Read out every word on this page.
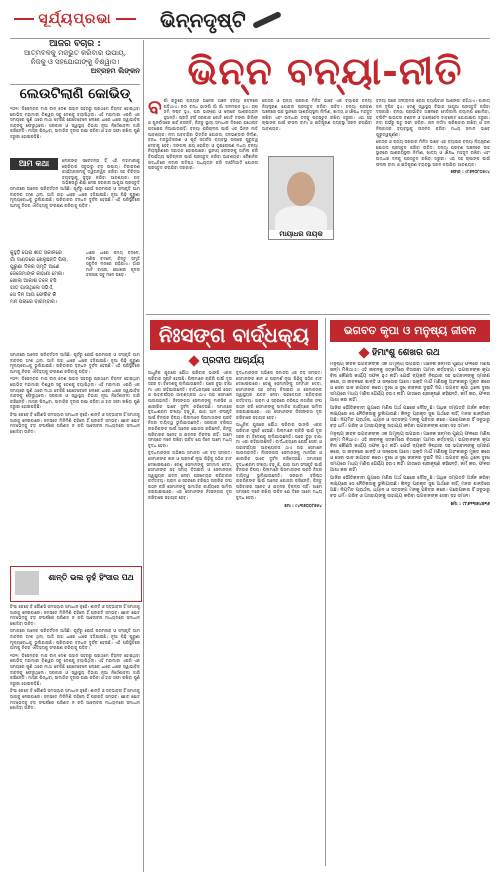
ସୂର୍ଯ୍ୟପ୍ରଭା	ଭିନ୍ନଦୃଷ୍ଟି
ଆଜିର ବିଚାର :
ଆତ୍ମବଳକୁ ମଜଭୁତ କରିବାର ଉପାୟ,
ନିଜକୁ ଓ ସହଯୋଗୀଙ୍କୁ ବିଶ୍ୱାସ।
ଅବ୍ରହମ ଲିଙ୍କନ
ଲେଉଟିଲାଣି କୋଭିଡ୍

୨୦୧୯ ଡିସେମ୍ବର ମାସ ଚୀନ୍ ଦେଶ ଉହାନ ସହରରୁ ପ୍ରଥମେ ଚିହ୍ନଟ ହୋଇଥିବା କୋଭିଡ୍ ମହାମାରୀ ବିଶ୍ୱର ସବୁ ଦେଶକୁ ବ୍ୟାପିଥିଲା। ଏହି ମହାମାରୀ ଏପରି ଏକ ସମୟରେ ପୁଣି ଥରେ ମାଥା ଟେକିଛି ଯେତେବେଳେ ଲୋକେ ଧୀରେ ଧୀରେ ସ୍ୱାଭାବିକ ଜୀବନକୁ ଫେରୁଥିଲେ। ସରକାର ଓ ସ୍ୱାସ୍ଥ୍ୟ ବିଭାଗ ନୂଆ ନିର୍ଦ୍ଦେଶାବଳୀ ଜାରି କରିଛନ୍ତି। ମାସ୍କ ପିନ୍ଧିବା, ସାମାଜିକ ଦୂରତା ରକ୍ଷା କରିବା ଓ ହାତ ସଫା ରଖିବା ପୁଣି ଜରୁରୀ ହୋଇପଡ଼ିଛି।

ଆମ କଥା	ଲୋକଙ୍କ ସଚେତନତା ହିଁ ଏହି ମହାମାରୀକୁ ରୋକିବାର ସବୁଠାରୁ ବଡ଼ ଉପାୟ। ଟିକାକରଣ କାର୍ଯ୍ୟକ୍ରମକୁ ତ୍ୱରାନ୍ୱିତ କରିବା ସହ ଚିକିତ୍ସା ବ୍ୟବସ୍ଥାକୁ ସୁଦୃଢ଼ କରିବା ଆବଶ୍ୟକ। ଗତ ଅଭିଜ୍ଞତାରୁ ଶିକ୍ଷା ନେଇ ସରକାର ଆଗୁଆ ପ୍ରସ୍ତୁତି

ସମାଜରେ ଅନେକ ପରିବର୍ତ୍ତନ ଆସିଛି। ପୂର୍ବରୁ ଯେଉଁ ପରମ୍ପରା ଓ ସଂସ୍କୃତି ଆମ ଜୀବନର ଅଂଶ ଥିଲା, ଆଜି ତାହା ଧୀରେ ଧୀରେ ହଜିଯାଉଛି। ନୂଆ ପିଢ଼ି ପୁରୁଣା ମୂଲ୍ୟବୋଧକୁ ଭୁଲିଯାଉଛି। ପରିବାରର ବନ୍ଧନ ଦୁର୍ବଳ ହେଉଛି। ଏହି ପରିସ୍ଥିତିରେ ଆମକୁ ନିଜର ଐତିହ୍ୟକୁ ସଂରକ୍ଷଣ କରିବାକୁ ପଡ଼ିବ।

କୁହୁଡ଼ି ଘେରା ଶୀତ ସକାଳରେ
ଗାଁ ଦାଣ୍ଡରେ ଖେଳୁଛନ୍ତି ପିଲା,
ପୁରୁଣା ଦିନର ସ୍ମୃତି ଆଣେ
ଜେଜେମାଙ୍କ କାହାଣୀ ମେଳା।
ଖୋଲା ଆକାଶ ତଳେ ବସି
ଗୀତ ଗାଉଥିଲେ ସଭିଏଁ,
ସେ ଦିନ ଆଉ ଫେରିବ କି
ମନ ପଚାରେ ବାରମ୍ବାର।

ଧୀରେ ଧୀରେ ସମୟ ବଦଳେ, ମଣିଷ ବଦଳେ, କିନ୍ତୁ ସ୍ମୃତି ସବୁଦିନ ମନରେ ରହିଯାଏ। ଗାଁର ମାଟି ବାସ୍ନା, ପୋଖରୀ କୂଳର ବରଗଛ ସବୁ ମନେ ପଡ଼େ।

ସମାଜରେ ଅନେକ ପରିବର୍ତ୍ତନ ଆସିଛି। ପୂର୍ବରୁ ଯେଉଁ ପରମ୍ପରା ଓ ସଂସ୍କୃତି ଆମ ଜୀବନର ଅଂଶ ଥିଲା, ଆଜି ତାହା ଧୀରେ ଧୀରେ ହଜିଯାଉଛି। ନୂଆ ପିଢ଼ି ପୁରୁଣା ମୂଲ୍ୟବୋଧକୁ ଭୁଲିଯାଉଛି। ପରିବାରର ବନ୍ଧନ ଦୁର୍ବଳ ହେଉଛି। ଏହି ପରିସ୍ଥିତିରେ ଆମକୁ ନିଜର ଐତିହ୍ୟକୁ ସଂରକ୍ଷଣ କରିବାକୁ ପଡ଼ିବ।

୨୦୧୯ ଡିସେମ୍ବର ମାସ ଚୀନ୍ ଦେଶ ଉହାନ ସହରରୁ ପ୍ରଥମେ ଚିହ୍ନଟ ହୋଇଥିବା କୋଭିଡ୍ ମହାମାରୀ ବିଶ୍ୱର ସବୁ ଦେଶକୁ ବ୍ୟାପିଥିଲା। ଏହି ମହାମାରୀ ଏପରି ଏକ ସମୟରେ ପୁଣି ଥରେ ମାଥା ଟେକିଛି ଯେତେବେଳେ ଲୋକେ ଧୀରେ ଧୀରେ ସ୍ୱାଭାବିକ ଜୀବନକୁ ଫେରୁଥିଲେ। ସରକାର ଓ ସ୍ୱାସ୍ଥ୍ୟ ବିଭାଗ ନୂଆ ନିର୍ଦ୍ଦେଶାବଳୀ ଜାରି କରିଛନ୍ତି। ମାସ୍କ ପିନ୍ଧିବା, ସାମାଜିକ ଦୂରତା ରକ୍ଷା କରିବା ଓ ହାତ ସଫା ରଖିବା ପୁଣି ଜରୁରୀ ହୋଇପଡ଼ିଛି।

ହିଂସା କେବେ ବି କୌଣସି ସମସ୍ୟାର ସମାଧାନ ନୁହେଁ। ଶାନ୍ତି ଓ ସଦ୍ଭାବନା ହିଁ ସମାଜକୁ ଆଗକୁ ନେଇପାରେ। ସମସ୍ତେ ମିଳିମିଶି ରହିଲେ ହିଁ ପ୍ରଗତି ସମ୍ଭବ। ଛୋଟ ଛୋଟ ମତଭେଦକୁ ବଡ଼ ସଂଘର୍ଷରେ ପରିଣତ ନ କରି ଆଲୋଚନା ମାଧ୍ୟମରେ ସମାଧାନ ଖୋଜିବା ଉଚିତ।

ଶାନ୍ତି ଭଲ ନୁହଁ ହିଂସାର ପଥ

ହିଂସା କେବେ ବି କୌଣସି ସମସ୍ୟାର ସମାଧାନ ନୁହେଁ। ଶାନ୍ତି ଓ ସଦ୍ଭାବନା ହିଁ ସମାଜକୁ ଆଗକୁ ନେଇପାରେ। ସମସ୍ତେ ମିଳିମିଶି ରହିଲେ ହିଁ ପ୍ରଗତି ସମ୍ଭବ। ଛୋଟ ଛୋଟ ମତଭେଦକୁ ବଡ଼ ସଂଘର୍ଷରେ ପରିଣତ ନ କରି ଆଲୋଚନା ମାଧ୍ୟମରେ ସମାଧାନ ଖୋଜିବା ଉଚିତ।

ସମାଜରେ ଅନେକ ପରିବର୍ତ୍ତନ ଆସିଛି। ପୂର୍ବରୁ ଯେଉଁ ପରମ୍ପରା ଓ ସଂସ୍କୃତି ଆମ ଜୀବନର ଅଂଶ ଥିଲା, ଆଜି ତାହା ଧୀରେ ଧୀରେ ହଜିଯାଉଛି। ନୂଆ ପିଢ଼ି ପୁରୁଣା ମୂଲ୍ୟବୋଧକୁ ଭୁଲିଯାଉଛି। ପରିବାରର ବନ୍ଧନ ଦୁର୍ବଳ ହେଉଛି। ଏହି ପରିସ୍ଥିତିରେ ଆମକୁ ନିଜର ଐତିହ୍ୟକୁ ସଂରକ୍ଷଣ କରିବାକୁ ପଡ଼ିବ।

୨୦୧୯ ଡିସେମ୍ବର ମାସ ଚୀନ୍ ଦେଶ ଉହାନ ସହରରୁ ପ୍ରଥମେ ଚିହ୍ନଟ ହୋଇଥିବା କୋଭିଡ୍ ମହାମାରୀ ବିଶ୍ୱର ସବୁ ଦେଶକୁ ବ୍ୟାପିଥିଲା। ଏହି ମହାମାରୀ ଏପରି ଏକ ସମୟରେ ପୁଣି ଥରେ ମାଥା ଟେକିଛି ଯେତେବେଳେ ଲୋକେ ଧୀରେ ଧୀରେ ସ୍ୱାଭାବିକ ଜୀବନକୁ ଫେରୁଥିଲେ। ସରକାର ଓ ସ୍ୱାସ୍ଥ୍ୟ ବିଭାଗ ନୂଆ ନିର୍ଦ୍ଦେଶାବଳୀ ଜାରି କରିଛନ୍ତି। ମାସ୍କ ପିନ୍ଧିବା, ସାମାଜିକ ଦୂରତା ରକ୍ଷା କରିବା ଓ ହାତ ସଫା ରଖିବା ପୁଣି ଜରୁରୀ ହୋଇପଡ଼ିଛି।

ହିଂସା କେବେ ବି କୌଣସି ସମସ୍ୟାର ସମାଧାନ ନୁହେଁ। ଶାନ୍ତି ଓ ସଦ୍ଭାବନା ହିଁ ସମାଜକୁ ଆଗକୁ ନେଇପାରେ। ସମସ୍ତେ ମିଳିମିଶି ରହିଲେ ହିଁ ପ୍ରଗତି ସମ୍ଭବ। ଛୋଟ ଛୋଟ ମତଭେଦକୁ ବଡ଼ ସଂଘର୍ଷରେ ପରିଣତ ନ କରି ଆଲୋଚନା ମାଧ୍ୟମରେ ସମାଧାନ ଖୋଜିବା ଉଚିତ।

ଭିନ୍ନ ବନ୍ୟା-ନୀତି

ବର୍ଷା ଋତୁରେ ରାଜ୍ୟର ଅନେକ ଅଞ୍ଚଳ ବନ୍ୟା କବଳରେ ପଡ଼ିଥାଏ। ନଦୀ ବନ୍ଧ ଭାଙ୍ଗି ଗାଁ ଗାଁ ଜଳମଗ୍ନ ହୁଏ। ଚାଷ ଜମି ନଷ୍ଟ ହୁଏ, ଘର ଭାଙ୍ଗେ ଓ ଲୋକେ ଆଶ୍ରୟହୀନ ହୁଅନ୍ତି। ପ୍ରତି ବର୍ଷ ସରକାର କୋଟି କୋଟି ଟଙ୍କା ରିଲିଫ୍ ଓ ପୁନର୍ବାସରେ ଖର୍ଚ୍ଚ କରନ୍ତି, କିନ୍ତୁ ସ୍ଥାୟୀ ସମାଧାନ ଦିଗରେ ଯଥେଷ୍ଟ ପଦକ୍ଷେପ ନିଆଯାଉନାହିଁ। ବନ୍ୟା ପରିଚାଳନା ପାଇଁ ଏକ ଭିନ୍ନ ନୀତି ଆବଶ୍ୟକ। ନଦୀ ଅବବାହିକା ଭିତ୍ତିକ ଯୋଜନା, ଜଳଭଣ୍ଡାର ନିର୍ମାଣ, ବନ୍ଧ ମଜଭୁତିକରଣ ଓ ପୂର୍ବ ସତର୍କତା ବ୍ୟବସ୍ଥା ଉପରେ ଗୁରୁତ୍ୱ ଦେବାକୁ ହେବ। ଜଙ୍ଗଲ କ୍ଷୟ ରୋକିବା ଓ ବୃକ୍ଷରୋପଣ ମଧ୍ୟ ବନ୍ୟା ନିୟନ୍ତ୍ରଣରେ ସହାୟକ ହୋଇପାରେ। ସ୍ଥାନୀୟ ଲୋକଙ୍କୁ ସାମିଲ କରି ବିପର୍ଯ୍ୟୟ ପରିଚାଳନା ପାଇଁ ପ୍ରସ୍ତୁତ କରିବା ଆବଶ୍ୟକ। ବୈଜ୍ଞାନିକ ପଦ୍ଧତିରେ ନଦୀର ଗତିପଥ ଅଧ୍ୟୟନ କରି ଦୀର୍ଘମିଆଦି ଯୋଜନା ପ୍ରସ୍ତୁତ କରାଯିବା ଦରକାର।

କେନ୍ଦ୍ର ଓ ରାଜ୍ୟ ସରକାର ମିଳିତ ଭାବେ ଏକ ବ୍ୟାପକ ବନ୍ୟା ନିୟନ୍ତ୍ରଣ ଯୋଜନା ପ୍ରସ୍ତୁତ କରିବା ଉଚିତ। ବନ୍ୟା ପ୍ରବଣ ଅଞ୍ଚଳରେ ଉଚ୍ଚ ସ୍ଥାନରେ ଆଶ୍ରୟସ୍ଥଳୀ ନିର୍ମାଣ, ଖାଦ୍ୟ ଓ ଔଷଧ ମହଜୁଦ ରଖିବା ଏବଂ ଉଦ୍ଧାର ଦଳକୁ ପ୍ରସ୍ତୁତ ରଖିବା ଜରୁରୀ। ଏହା ସହ ଚାଷୀଙ୍କ ପାଇଁ ଫସଲ ବୀମା ଓ କ୍ଷତିପୂରଣ ବ୍ୟବସ୍ଥା ସରଳ କରାଯିବା ଆବଶ୍ୟକ।

ମାୟାଧର ନାୟକ

ବନ୍ୟା ପରେ ସଂକ୍ରାମକ ରୋଗ ବ୍ୟାପିବାର ଆଶଙ୍କା ରହିଥାଏ। ପାନୀୟ ଜଳ ଦୂଷିତ ହୁଏ। ତେଣୁ ସ୍ୱାସ୍ଥ୍ୟ ବିଭାଗ ଆଗୁଆ ପ୍ରସ୍ତୁତି କରିବା ଦରକାର। ବନ୍ୟା ପ୍ରଭାବିତ ଅଞ୍ଚଳରେ ମେଡିକାଲ କ୍ୟାମ୍ପ ଖୋଲିବା, ବ୍ଲିଚିଂ ପାଉଡର ବଣ୍ଟନ ଓ ହାଲୋଜେନ ଟାବଲେଟ ଯୋଗାଇବା ଜରୁରୀ। ନଦୀ ଗର୍ଭରୁ ପଟୁ ସଫା କରିବା, ନାଳ ନର୍ଦ୍ଦମା ପରିଷ୍କାର ରଖିବା ଓ ଜଳ ନିଷ୍କାସନ ବ୍ୟବସ୍ଥାକୁ ଉନ୍ନତ କରିବା ମଧ୍ୟ ସମାନ ଭାବେ ଗୁରୁତ୍ୱପୂର୍ଣ୍ଣ।

କେନ୍ଦ୍ର ଓ ରାଜ୍ୟ ସରକାର ମିଳିତ ଭାବେ ଏକ ବ୍ୟାପକ ବନ୍ୟା ନିୟନ୍ତ୍ରଣ ଯୋଜନା ପ୍ରସ୍ତୁତ କରିବା ଉଚିତ। ବନ୍ୟା ପ୍ରବଣ ଅଞ୍ଚଳରେ ଉଚ୍ଚ ସ୍ଥାନରେ ଆଶ୍ରୟସ୍ଥଳୀ ନିର୍ମାଣ, ଖାଦ୍ୟ ଓ ଔଷଧ ମହଜୁଦ ରଖିବା ଏବଂ ଉଦ୍ଧାର ଦଳକୁ ପ୍ରସ୍ତୁତ ରଖିବା ଜରୁରୀ। ଏହା ସହ ଚାଷୀଙ୍କ ପାଇଁ ଫସଲ ବୀମା ଓ କ୍ଷତିପୂରଣ ବ୍ୟବସ୍ଥା ସରଳ କରାଯିବା ଆବଶ୍ୟକ।

ଫୋନ୍ : ୯୮୬୧୦୮୦୫୯୪

ନିଃସଙ୍ଗ ବାର୍ଦ୍ଧକ୍ୟ
ପ୍ରଦୀପ ଆଚାର୍ଯ୍ୟ

ଆଧୁନିକ ଯୁଗରେ ଯୌଥ ପରିବାର ଭାଙ୍ଗି ଏକକ ପରିବାର ସୃଷ୍ଟି ହେଉଛି। ପିଲାମାନେ ଚାକିରି ପାଇଁ ଦୂର ସହର ବା ବିଦେଶକୁ ଚାଲିଯାଉଛନ୍ତି। ଘରେ ବୁଢ଼ା ବାପା ମା ଏକା ରହିଯାଉଛନ୍ତି। ବାର୍ଦ୍ଧକ୍ୟରେ ଯେଉଁ ସେବା ଓ ସାହାଚର୍ଯ୍ୟର ଆବଶ୍ୟକତା ଥାଏ ତାହା ସେମାନେ ପାଉନାହାନ୍ତି। ନିଃସଙ୍ଗତା ସେମାନଙ୍କୁ ମାନସିକ ଓ ଶାରୀରିକ ଭାବେ ଦୁର୍ବଳ କରିଦେଉଛି। ସମାଜରେ ବୃଦ୍ଧାଶ୍ରମ ସଂଖ୍ୟା ବଢ଼ୁଛି, ଯାହା ଆମ ସଂସ୍କୃତି ପାଇଁ ଚିନ୍ତାର ବିଷୟ। ପିଲାମାନେ ପିତାମାତାଙ୍କ ପ୍ରତି ନିଜର ଦାୟିତ୍ୱ ଭୁଲିଯାଉଛନ୍ତି। ସରକାର ବରିଷ୍ଠ ନାଗରିକଙ୍କ ପାଇଁ ଅନେକ ଯୋଜନା କରିଛନ୍ତି, କିନ୍ତୁ ପରିବାରର ସ୍ନେହ ଓ ଯତ୍ନର ବିକଳ୍ପ ନାହିଁ। ଆମେ ସମସ୍ତେ ମନେ ରଖିବା ଉଚିତ ଯେ ଦିନେ ଆମେ ମଧ୍ୟ ବୃଦ୍ଧ ହେବା।

ବୃଦ୍ଧମାନଙ୍କ ଅଭିଜ୍ଞତା ସମାଜର ଏକ ବଡ଼ ସମ୍ପଦ। ସେମାନଙ୍କ ଜ୍ଞାନ ଓ ପରାମର୍ଶ ନୂଆ ପିଢ଼ିକୁ ସଠିକ ବାଟ ଦେଖାଇପାରେ। ତେଣୁ ସେମାନଙ୍କୁ ସମ୍ମାନ ଦେବା, ସେମାନଙ୍କ ସହ ସମୟ ବିତାଇବା ଓ ସେମାନଙ୍କ ସ୍ୱାସ୍ଥ୍ୟର ଯତ୍ନ ନେବା ପ୍ରତ୍ୟେକ ପରିବାରର କର୍ତ୍ତବ୍ୟ। ଗ୍ରାମ ଓ ସହରରେ ବରିଷ୍ଠ ନାଗରିକ ସଂଘ ଗଠନ କରି ସେମାନଙ୍କୁ ସାମାଜିକ କାର୍ଯ୍ୟରେ ସାମିଲ କରାଯାଇପାରେ। ଏହା ସେମାନଙ୍କ ନିଃସଙ୍ଗତା ଦୂର କରିବାରେ ସହାୟକ ହେବ।

ବୃଦ୍ଧମାନଙ୍କ ଅଭିଜ୍ଞତା ସମାଜର ଏକ ବଡ଼ ସମ୍ପଦ। ସେମାନଙ୍କ ଜ୍ଞାନ ଓ ପରାମର୍ଶ ନୂଆ ପିଢ଼ିକୁ ସଠିକ ବାଟ ଦେଖାଇପାରେ। ତେଣୁ ସେମାନଙ୍କୁ ସମ୍ମାନ ଦେବା, ସେମାନଙ୍କ ସହ ସମୟ ବିତାଇବା ଓ ସେମାନଙ୍କ ସ୍ୱାସ୍ଥ୍ୟର ଯତ୍ନ ନେବା ପ୍ରତ୍ୟେକ ପରିବାରର କର୍ତ୍ତବ୍ୟ। ଗ୍ରାମ ଓ ସହରରେ ବରିଷ୍ଠ ନାଗରିକ ସଂଘ ଗଠନ କରି ସେମାନଙ୍କୁ ସାମାଜିକ କାର୍ଯ୍ୟରେ ସାମିଲ କରାଯାଇପାରେ। ଏହା ସେମାନଙ୍କ ନିଃସଙ୍ଗତା ଦୂର କରିବାରେ ସହାୟକ ହେବ।

ଆଧୁନିକ ଯୁଗରେ ଯୌଥ ପରିବାର ଭାଙ୍ଗି ଏକକ ପରିବାର ସୃଷ୍ଟି ହେଉଛି। ପିଲାମାନେ ଚାକିରି ପାଇଁ ଦୂର ସହର ବା ବିଦେଶକୁ ଚାଲିଯାଉଛନ୍ତି। ଘରେ ବୁଢ଼ା ବାପା ମା ଏକା ରହିଯାଉଛନ୍ତି। ବାର୍ଦ୍ଧକ୍ୟରେ ଯେଉଁ ସେବା ଓ ସାହାଚର୍ଯ୍ୟର ଆବଶ୍ୟକତା ଥାଏ ତାହା ସେମାନେ ପାଉନାହାନ୍ତି। ନିଃସଙ୍ଗତା ସେମାନଙ୍କୁ ମାନସିକ ଓ ଶାରୀରିକ ଭାବେ ଦୁର୍ବଳ କରିଦେଉଛି। ସମାଜରେ ବୃଦ୍ଧାଶ୍ରମ ସଂଖ୍ୟା ବଢ଼ୁଛି, ଯାହା ଆମ ସଂସ୍କୃତି ପାଇଁ ଚିନ୍ତାର ବିଷୟ। ପିଲାମାନେ ପିତାମାତାଙ୍କ ପ୍ରତି ନିଜର ଦାୟିତ୍ୱ ଭୁଲିଯାଉଛନ୍ତି। ସରକାର ବରିଷ୍ଠ ନାଗରିକଙ୍କ ପାଇଁ ଅନେକ ଯୋଜନା କରିଛନ୍ତି, କିନ୍ତୁ ପରିବାରର ସ୍ନେହ ଓ ଯତ୍ନର ବିକଳ୍ପ ନାହିଁ। ଆମେ ସମସ୍ତେ ମନେ ରଖିବା ଉଚିତ ଯେ ଦିନେ ଆମେ ମଧ୍ୟ ବୃଦ୍ଧ ହେବା।

ମୋ : ୯୪୩୭୦୦୮୭୫୪

ଭଗବତ କୃପା ଓ ମନୁଷ୍ୟ ଜୀବନ
ହିମାଂଶୁ ଶେଖର ରଥ

ମନୁଷ୍ୟ ଜୀବନ ଭଗବାନଙ୍କ ଏକ ଅମୂଲ୍ୟ ଉପହାର। ଅନେକ ଜନ୍ମର ପୁଣ୍ୟ ଫଳରେ ମଣିଷ ଜନ୍ମ ମିଳିଥାଏ। ଏହି ଜୀବନକୁ ସତ୍‌କର୍ମରେ ବିତାଇବା ଆମର କର୍ତ୍ତବ୍ୟ। ଭଗବାନଙ୍କ କୃପା ବିନା କୌଣସି କାର୍ଯ୍ୟ ସଫଳ ହୁଏ ନାହିଁ। ଯେଉଁ ବ୍ୟକ୍ତି ନିଷ୍ଠାର ସହ ଭଗବାନଙ୍କୁ ସ୍ମରଣ କରେ, ତା ଜୀବନରେ ଶାନ୍ତି ଓ ସନ୍ତୋଷ ଆସେ। ଭକ୍ତି ମାର୍ଗ ମଣିଷକୁ ଅହଂକାରରୁ ମୁକ୍ତ କରେ ଓ ସେବା ଭାବ ଜାଗ୍ରତ କରେ। ଦୁଃଖ ଓ ସୁଖ ଜୀବନର ଦୁଇଟି ଦିଗ। ଭଗବତ କୃପା ଥିଲେ ଦୁଃଖ ସମୟରେ ମଧ୍ୟ ମଣିଷ ଧୈର୍ଯ୍ୟ ହରାଏ ନାହିଁ। ଗୀତାରେ ଶ୍ରୀକୃଷ୍ଣ କହିଛନ୍ତି, କର୍ମ କର, ଫଳର ଆଶା କର ନାହିଁ।

ଆଜିର ଭୌତିକବାଦୀ ଯୁଗରେ ମଣିଷ ଅର୍ଥ ପଛରେ ଦୌଡ଼ୁଛି। ଅଧିକ ସମ୍ପତ୍ତି ଅର୍ଜନ କରିବା ଲକ୍ଷ୍ୟରେ ସେ ନୈତିକତାକୁ ଭୁଲିଯାଉଛି। କିନ୍ତୁ ପ୍ରକୃତ ସୁଖ ଅର୍ଥରେ ନାହିଁ, ମନର ଶାନ୍ତିରେ ଅଛି। ନିୟମିତ ପ୍ରାର୍ଥନା, ଧ୍ୟାନ ଓ ସତ୍‌ସଙ୍ଗ ମନକୁ ପବିତ୍ର କରେ। ପରୋପକାର ହିଁ ସବୁଠାରୁ ବଡ଼ ଧର୍ମ। ଗରିବ ଓ ଅସହାୟଙ୍କୁ ସାହାଯ୍ୟ କରିବା ଭଗବାନଙ୍କ ସେବା ସହ ସମାନ।

ମନୁଷ୍ୟ ଜୀବନ ଭଗବାନଙ୍କ ଏକ ଅମୂଲ୍ୟ ଉପହାର। ଅନେକ ଜନ୍ମର ପୁଣ୍ୟ ଫଳରେ ମଣିଷ ଜନ୍ମ ମିଳିଥାଏ। ଏହି ଜୀବନକୁ ସତ୍‌କର୍ମରେ ବିତାଇବା ଆମର କର୍ତ୍ତବ୍ୟ। ଭଗବାନଙ୍କ କୃପା ବିନା କୌଣସି କାର୍ଯ୍ୟ ସଫଳ ହୁଏ ନାହିଁ। ଯେଉଁ ବ୍ୟକ୍ତି ନିଷ୍ଠାର ସହ ଭଗବାନଙ୍କୁ ସ୍ମରଣ କରେ, ତା ଜୀବନରେ ଶାନ୍ତି ଓ ସନ୍ତୋଷ ଆସେ। ଭକ୍ତି ମାର୍ଗ ମଣିଷକୁ ଅହଂକାରରୁ ମୁକ୍ତ କରେ ଓ ସେବା ଭାବ ଜାଗ୍ରତ କରେ। ଦୁଃଖ ଓ ସୁଖ ଜୀବନର ଦୁଇଟି ଦିଗ। ଭଗବତ କୃପା ଥିଲେ ଦୁଃଖ ସମୟରେ ମଧ୍ୟ ମଣିଷ ଧୈର୍ଯ୍ୟ ହରାଏ ନାହିଁ। ଗୀତାରେ ଶ୍ରୀକୃଷ୍ଣ କହିଛନ୍ତି, କର୍ମ କର, ଫଳର ଆଶା କର ନାହିଁ।

ଆଜିର ଭୌତିକବାଦୀ ଯୁଗରେ ମଣିଷ ଅର୍ଥ ପଛରେ ଦୌଡ଼ୁଛି। ଅଧିକ ସମ୍ପତ୍ତି ଅର୍ଜନ କରିବା ଲକ୍ଷ୍ୟରେ ସେ ନୈତିକତାକୁ ଭୁଲିଯାଉଛି। କିନ୍ତୁ ପ୍ରକୃତ ସୁଖ ଅର୍ଥରେ ନାହିଁ, ମନର ଶାନ୍ତିରେ ଅଛି। ନିୟମିତ ପ୍ରାର୍ଥନା, ଧ୍ୟାନ ଓ ସତ୍‌ସଙ୍ଗ ମନକୁ ପବିତ୍ର କରେ। ପରୋପକାର ହିଁ ସବୁଠାରୁ ବଡ଼ ଧର୍ମ। ଗରିବ ଓ ଅସହାୟଙ୍କୁ ସାହାଯ୍ୟ କରିବା ଭଗବାନଙ୍କ ସେବା ସହ ସମାନ।

ମୋ : ୯୮୬୧୩୭୪୭୧୬
